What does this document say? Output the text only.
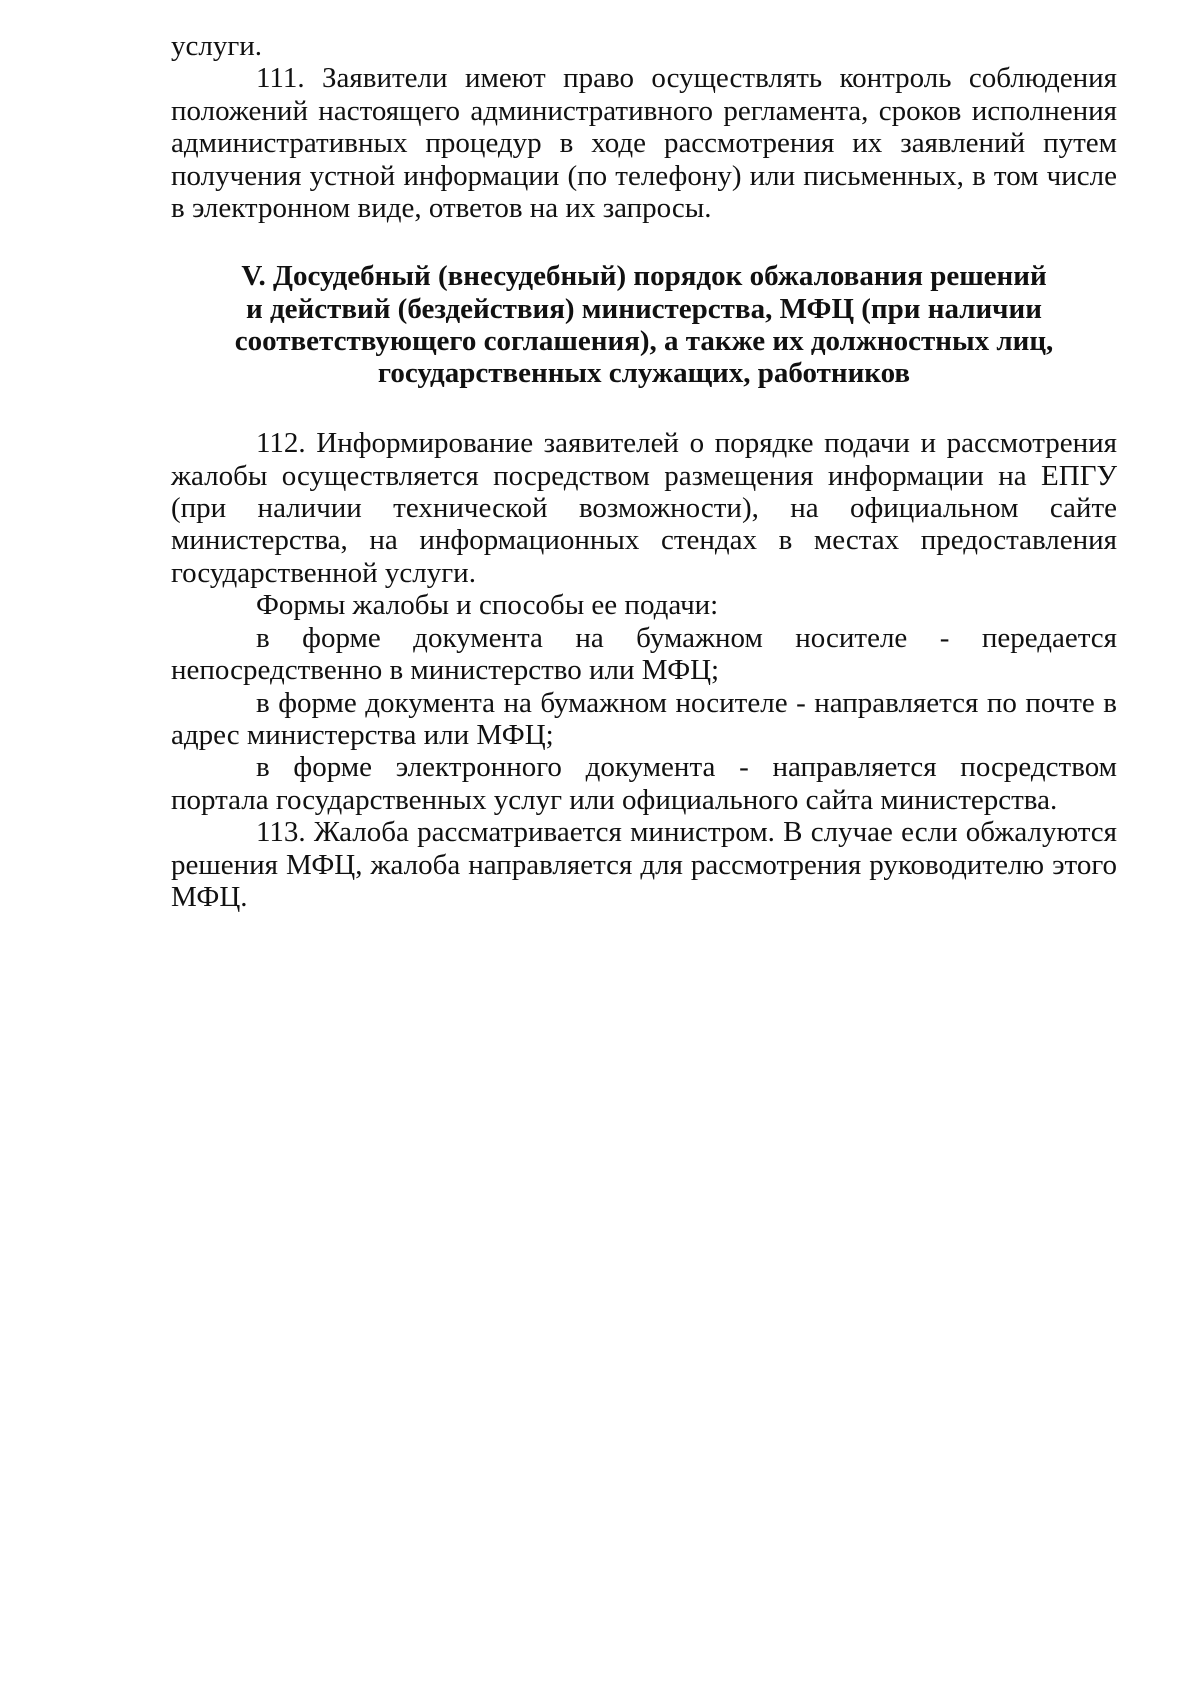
услуги.

111. Заявители имеют право осуществлять контроль соблюдения положений настоящего административного регламента, сроков исполнения административных процедур в ходе рассмотрения их заявлений путем получения устной информации (по телефону) или письменных, в том числе в электронном виде, ответов на их запросы.

V. Досудебный (внесудебный) порядок обжалования решений
и действий (бездействия) министерства, МФЦ (при наличии
соответствующего соглашения), а также их должностных лиц,
государственных служащих, работников

112. Информирование заявителей о порядке подачи и рассмотрения жалобы осуществляется посредством размещения информации на ЕПГУ (при наличии технической возможности), на официальном сайте министерства, на информационных стендах в местах предоставления государственной услуги.

Формы жалобы и способы ее подачи:

в форме документа на бумажном носителе - передается непосредственно в министерство или МФЦ;

в форме документа на бумажном носителе - направляется по почте в адрес министерства или МФЦ;

в форме электронного документа - направляется посредством портала государственных услуг или официального сайта министерства.

113. Жалоба рассматривается министром. В случае если обжалуются решения МФЦ, жалоба направляется для рассмотрения руководителю этого МФЦ.
